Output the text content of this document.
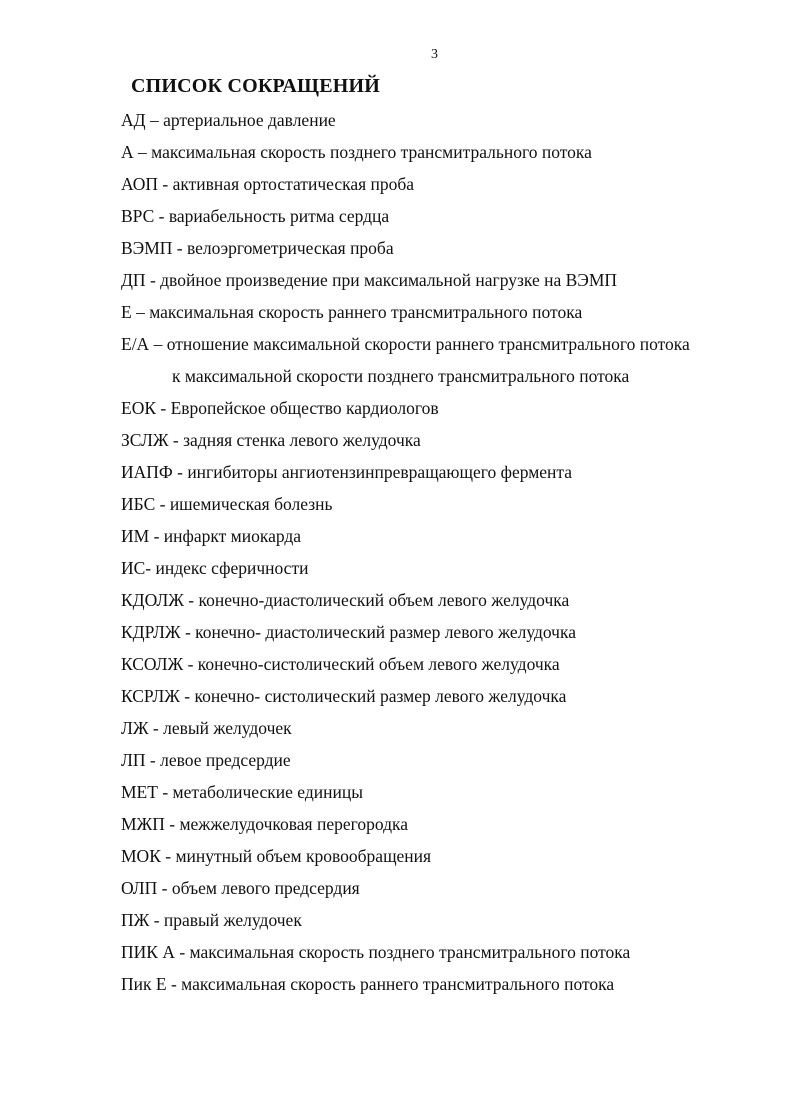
3
СПИСОК СОКРАЩЕНИЙ
АД – артериальное давление
А – максимальная скорость позднего трансмитрального потока
АОП - активная ортостатическая проба
ВРС - вариабельность ритма сердца
ВЭМП - велоэргометрическая проба
ДП - двойное произведение при максимальной нагрузке на ВЭМП
Е – максимальная скорость раннего трансмитрального потока
Е/А – отношение максимальной скорости раннего трансмитрального потока
к максимальной скорости позднего трансмитрального потока
ЕОК - Европейское общество кардиологов
ЗСЛЖ - задняя стенка левого желудочка
ИАПФ - ингибиторы ангиотензинпревращающего фермента
ИБС - ишемическая болезнь
ИМ - инфаркт миокарда
ИС- индекс сферичности
КДОЛЖ - конечно-диастолический объем левого желудочка
КДРЛЖ - конечно- диастолический размер левого желудочка
КСОЛЖ - конечно-систолический объем левого желудочка
КСРЛЖ - конечно- систолический размер левого желудочка
ЛЖ - левый желудочек
ЛП - левое предсердие
МЕТ - метаболические единицы
МЖП - межжелудочковая перегородка
МОК - минутный объем кровообращения
ОЛП - объем левого предсердия
ПЖ - правый желудочек
ПИК А - максимальная скорость позднего трансмитрального потока
Пик Е - максимальная скорость раннего трансмитрального потока
